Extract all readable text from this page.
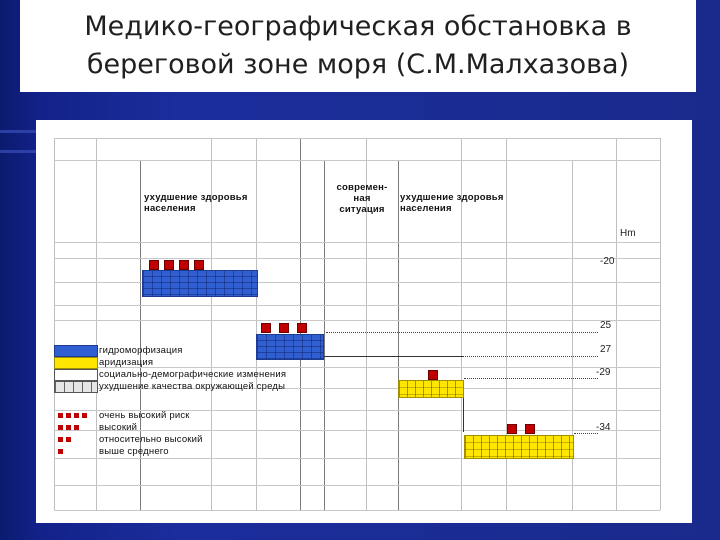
Медико-географическая обстановка в
береговой зоне моря (С.М.Малхазова)
ухудшение здоровья
населения
современ-
ная
ситуация
ухудшение здоровья
населения
Нm
-20
25
27
-29
-34
гидроморфизация
аридизация
социально-демографические изменения
ухудшение качества окружающей среды
очень высокий риск
высокий
относительно высокий
выше среднего
